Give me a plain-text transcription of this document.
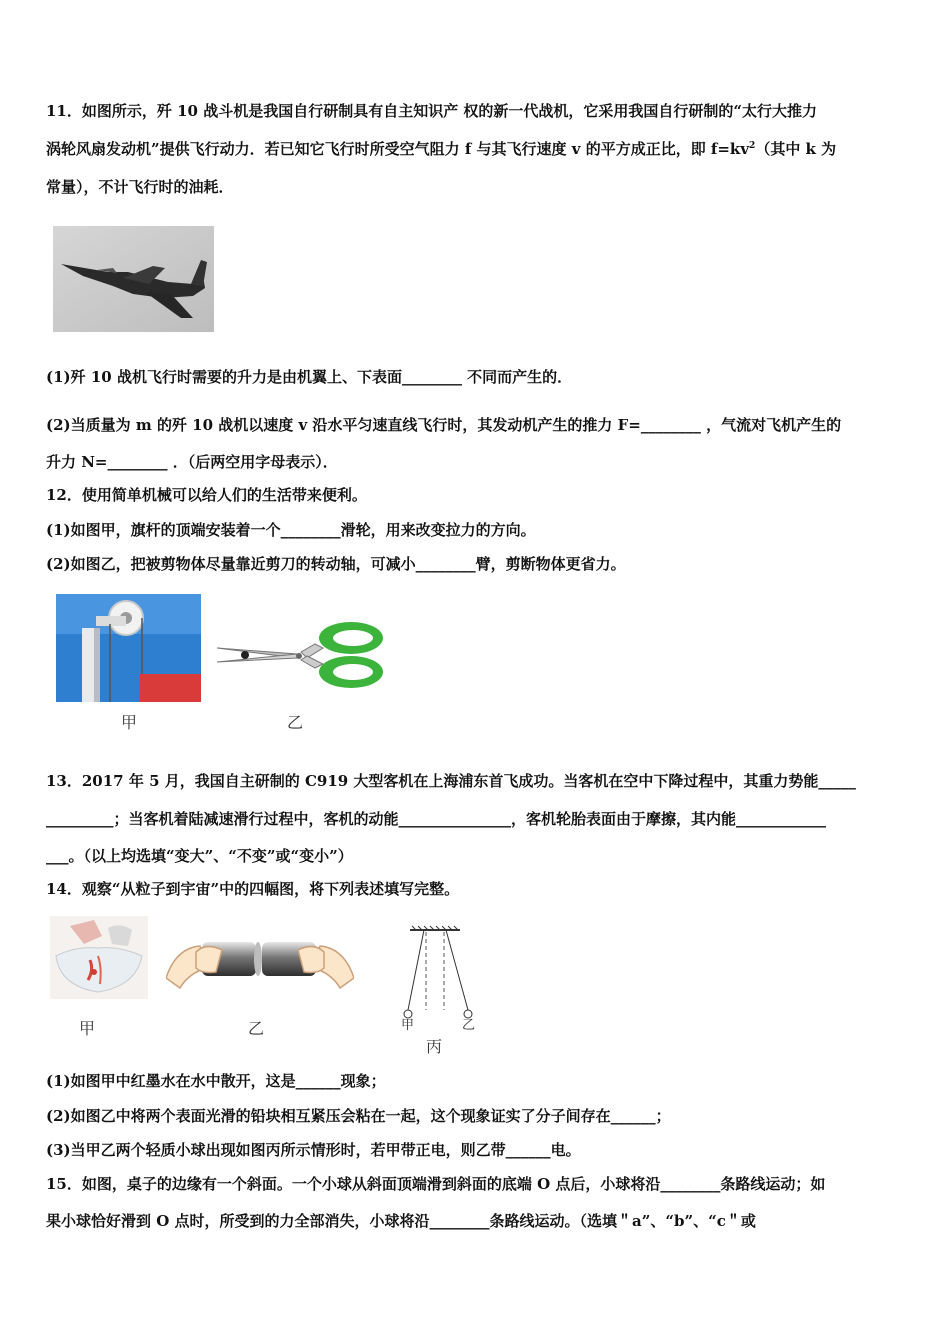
11．如图所示，歼 10 战斗机是我国自行研制具有自主知识产 权的新一代战机，它采用我国自行研制的“太行大推力
涡轮风扇发动机”提供飞行动力．若已知它飞行时所受空气阻力 f 与其飞行速度 v 的平方成正比，即 $f=kv^2$（其中 k 为
常量），不计飞行时的油耗．
(1)歼 10 战机飞行时需要的升力是由机翼上、下表面________ 不同而产生的．
(2)当质量为 m 的歼 10 战机以速度 v 沿水平匀速直线飞行时，其发动机产生的推力 F=________ ，气流对飞机产生的
升力 N=________ ．（后两空用字母表示）．
12．使用简单机械可以给人们的生活带来便利。
(1)如图甲，旗杆的顶端安装着一个________滑轮，用来改变拉力的方向。
(2)如图乙，把被剪物体尽量靠近剪刀的转动轴，可减小________臂，剪断物体更省力。
甲	乙
13．2017 年 5 月，我国自主研制的 C919 大型客机在上海浦东首飞成功。当客机在空中下降过程中，其重力势能_____
_________；当客机着陆减速滑行过程中，客机的动能_______________，客机轮胎表面由于摩擦，其内能____________
___。（以上均选填“变大”、“不变”或“变小”）
14．观察“从粒子到宇宙”中的四幅图，将下列表述填写完整。
甲	乙
甲	乙
丙
(1)如图甲中红墨水在水中散开，这是______现象；
(2)如图乙中将两个表面光滑的铅块相互紧压会粘在一起，这个现象证实了分子间存在______；
(3)当甲乙两个轻质小球出现如图丙所示情形时，若甲带正电，则乙带______电。
15．如图，桌子的边缘有一个斜面。一个小球从斜面顶端滑到斜面的底端 O 点后，小球将沿________条路线运动；如
果小球恰好滑到 O 点时，所受到的力全部消失，小球将沿________条路线运动。（选填＂a”、“b”、“c＂或
